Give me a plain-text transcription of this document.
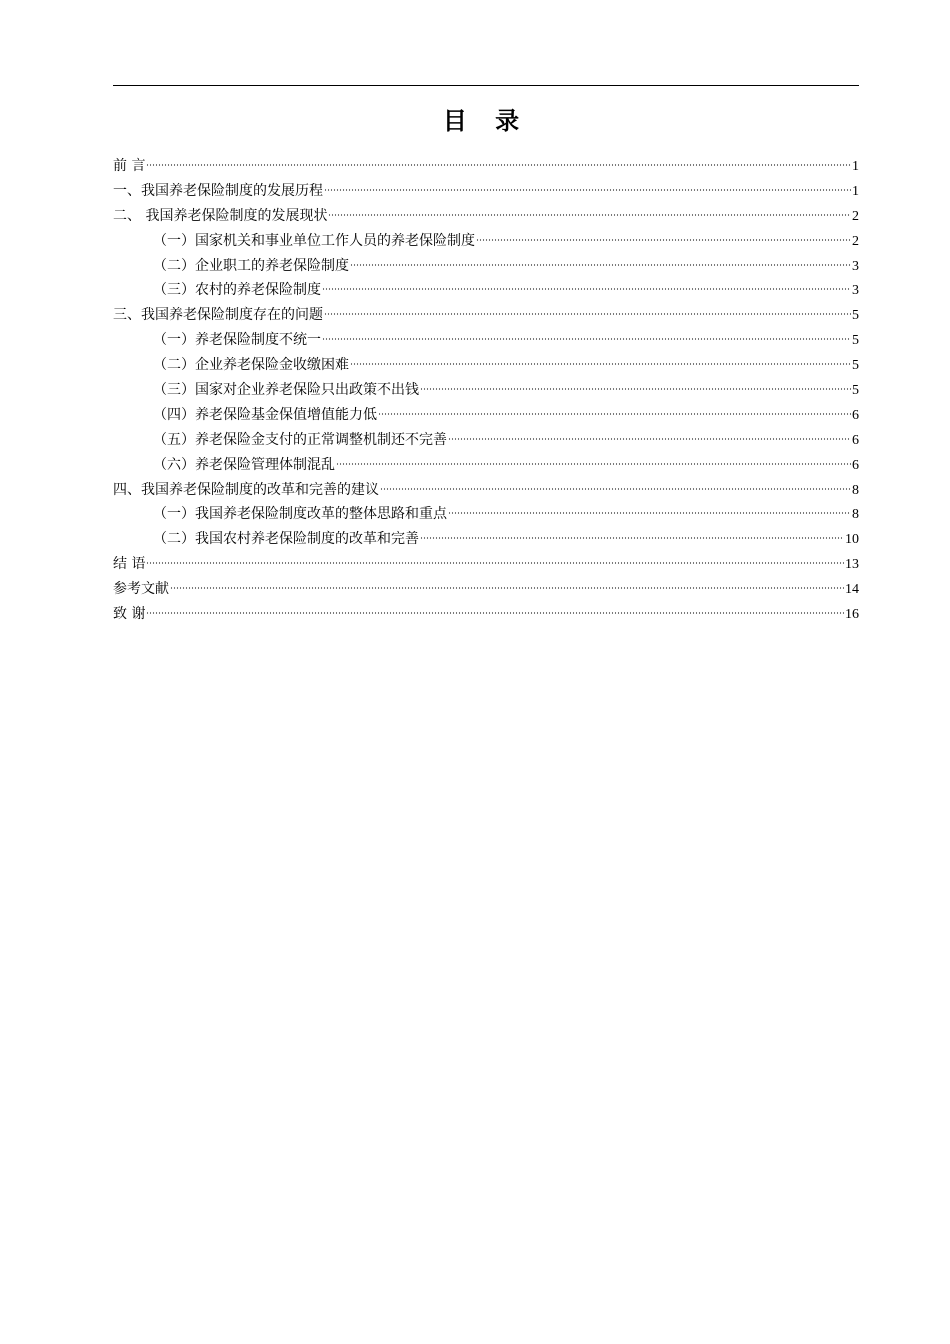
目 录
前 言	1
一、我国养老保险制度的发展历程	1
二、 我国养老保险制度的发展现状	2
（一）国家机关和事业单位工作人员的养老保险制度	2
（二）企业职工的养老保险制度	3
（三）农村的养老保险制度	3
三、我国养老保险制度存在的问题	5
（一）养老保险制度不统一	5
（二）企业养老保险金收缴困难	5
（三）国家对企业养老保险只出政策不出钱	5
（四）养老保险基金保值增值能力低	6
（五）养老保险金支付的正常调整机制还不完善	6
（六）养老保险管理体制混乱	6
四、我国养老保险制度的改革和完善的建议	8
（一）我国养老保险制度改革的整体思路和重点	8
（二）我国农村养老保险制度的改革和完善	10
结 语	13
参考文献	14
致 谢	16
